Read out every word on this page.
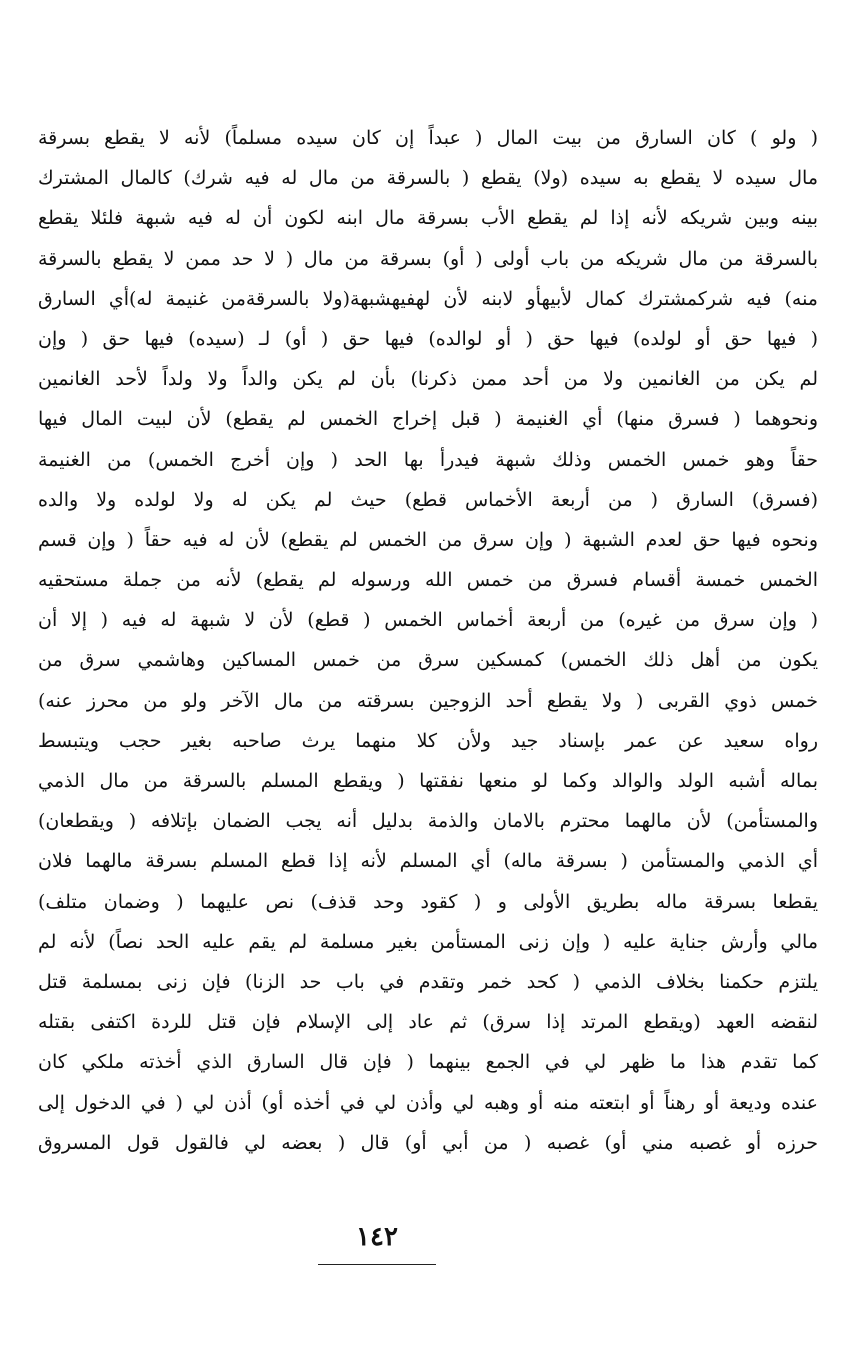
( ولو ) كان السارق من بيت المال ( عبداً إن كان سيده مسلماً) لأنه لا يقطع بسرقة
مال سيده لا يقطع به سيده (ولا) يقطع ( بالسرقة من مال له فيه شرك) كالمال المشترك
بينه وبين شريكه لأنه إذا لم يقطع الأب بسرقة مال ابنه لكون أن له فيه شبهة فلئلا يقطع
بالسرقة من مال شريكه من باب أولى ( أو) بسرقة من مال ( لا حد ممن لا يقطع بالسرقة
منه) فيه شركمشترك كمال لأبيهأو لابنه لأن لهفيهشبهة(ولا بالسرقةمن غنيمة له)أي السارق
( فيها حق أو لولده) فيها حق ( أو لوالده) فيها حق ( أو) لـ (سيده) فيها حق ( وإن
لم يكن من الغانمين ولا من أحد ممن ذكرنا) بأن لم يكن والداً ولا ولداً لأحد الغانمين
ونحوهما ( فسرق منها) أي الغنيمة ( قبل إخراج الخمس لم يقطع) لأن لبيت المال فيها
حقاً وهو خمس الخمس وذلك شبهة فيدرأ بها الحد ( وإن أخرج الخمس) من الغنيمة
(فسرق) السارق ( من أربعة الأخماس قطع) حيث لم يكن له ولا لولده ولا والده
ونحوه فيها حق لعدم الشبهة ( وإن سرق من الخمس لم يقطع) لأن له فيه حقاً ( وإن قسم
الخمس خمسة أقسام فسرق من خمس الله ورسوله لم يقطع) لأنه من جملة مستحقيه
( وإن سرق من غيره) من أربعة أخماس الخمس ( قطع) لأن لا شبهة له فيه ( إلا أن
يكون من أهل ذلك الخمس) كمسكين سرق من خمس المساكين وهاشمي سرق من
خمس ذوي القربى ( ولا يقطع أحد الزوجين بسرقته من مال الآخر ولو من محرز عنه)
رواه سعيد عن عمر بإسناد جيد ولأن كلا منهما يرث صاحبه بغير حجب ويتبسط
بماله أشبه الولد والوالد وكما لو منعها نفقتها ( ويقطع المسلم بالسرقة من مال الذمي
والمستأمن) لأن مالهما محترم بالامان والذمة بدليل أنه يجب الضمان بإتلافه ( ويقطعان)
أي الذمي والمستأمن ( بسرقة ماله) أي المسلم لأنه إذا قطع المسلم بسرقة مالهما فلان
يقطعا بسرقة ماله بطريق الأولى و ( كقود وحد قذف) نص عليهما ( وضمان متلف)
مالي وأرش جناية عليه ( وإن زنى المستأمن بغير مسلمة لم يقم عليه الحد نصاً) لأنه لم
يلتزم حكمنا بخلاف الذمي ( كحد خمر وتقدم في باب حد الزنا) فإن زنى بمسلمة قتل
لنقضه العهد (ويقطع المرتد إذا سرق) ثم عاد إلى الإسلام فإن قتل للردة اكتفى بقتله
كما تقدم هذا ما ظهر لي في الجمع بينهما ( فإن قال السارق الذي أخذته ملكي كان
عنده وديعة أو رهناً أو ابتعته منه أو وهبه لي وأذن لي في أخذه أو) أذن لي ( في الدخول إلى
حرزه أو غصبه مني أو) غصبه ( من أبي أو) قال ( بعضه لي فالقول قول المسروق
١٤٢
